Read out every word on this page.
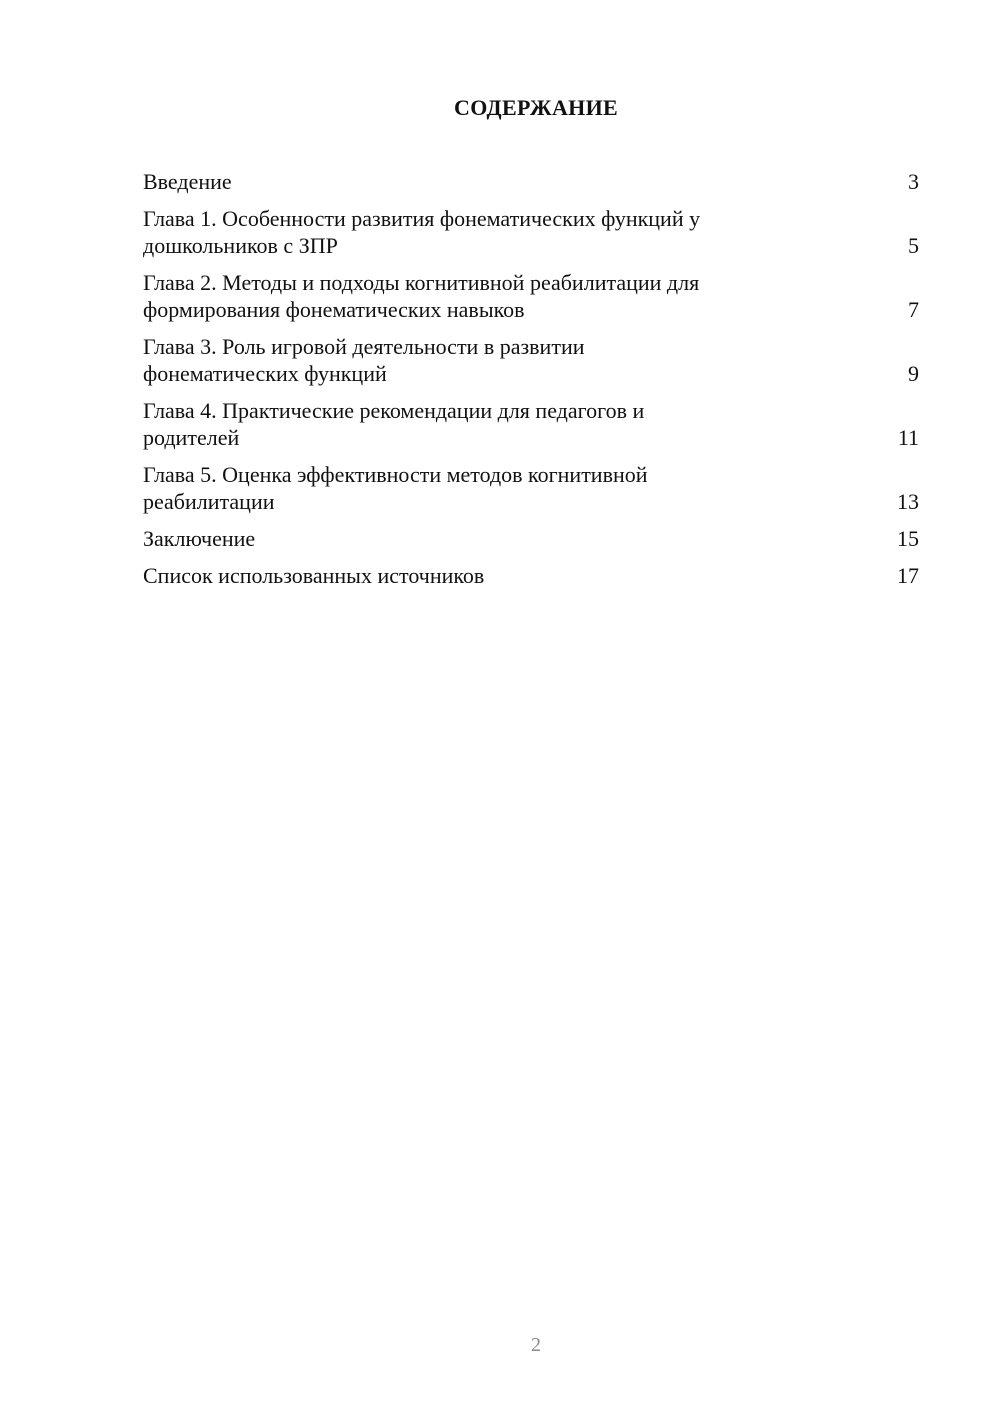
СОДЕРЖАНИЕ
Введение	3
Глава 1. Особенности развития фонематических функций у
дошкольников с ЗПР	5
Глава 2. Методы и подходы когнитивной реабилитации для
формирования фонематических навыков	7
Глава 3. Роль игровой деятельности в развитии
фонематических функций	9
Глава 4. Практические рекомендации для педагогов и
родителей	11
Глава 5. Оценка эффективности методов когнитивной
реабилитации	13
Заключение	15
Список использованных источников	17
2
